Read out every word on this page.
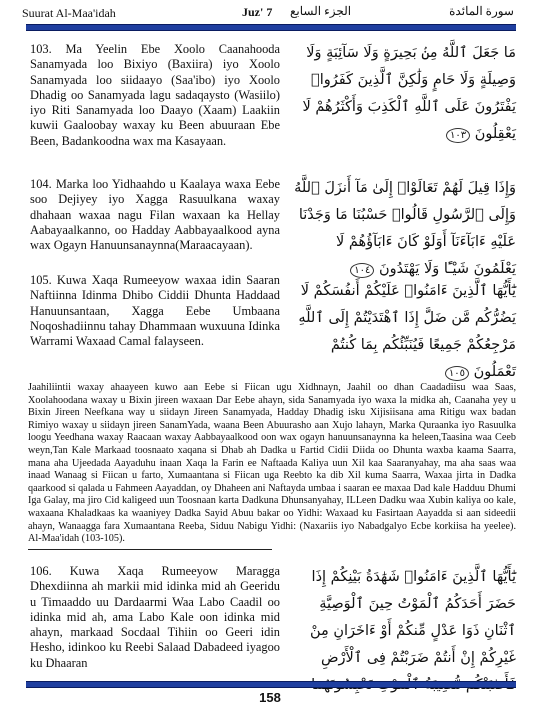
Suurat Al-Maa'idah	Juz' 7 الجزء السابع	سورة المائدة

103. Ma Yeelin Ebe Xoolo Caanahooda Sanamyada loo Bixiyo (Baxiira) iyo Xoolo Sanamyada loo siidaayo (Saa'ibo) iyo Xoolo Dhadig oo Sanamyada lagu sadaqaysto (Wasiilo) iyo Riti Sanamyada loo Daayo (Xaam) Laakiin kuwii Gaaloobay waxay ku Been abuuraan Ebe Been, Badankoodna wax ma Kasayaan.

مَا جَعَلَ ٱللَّهُ مِنۢ بَحِيرَةٍ وَلَا سَآئِبَةٍ وَلَا وَصِيلَةٍ وَلَا حَامٍ وَلَٰكِنَّ ٱلَّذِينَ كَفَرُوا۟ يَفْتَرُونَ عَلَى ٱللَّهِ ٱلْكَذِبَ وَأَكْثَرُهُمْ لَا يَعْقِلُونَ ١٠٣

104. Marka loo Yidhaahdo u Kaalaya waxa Eebe soo Dejiyey iyo Xagga Rasuulkana waxay dhahaan waxaa nagu Filan waxaan ka Hellay Aabayaalkanno, oo Hadday Aabbayaalkood ayna wax Ogayn Hanuunsanaynna(Maraacayaan).

وَإِذَا قِيلَ لَهُمْ تَعَالَوْا۟ إِلَىٰ مَآ أَنزَلَ ٱللَّهُ وَإِلَى ٱلرَّسُولِ قَالُوا۟ حَسْبُنَا مَا وَجَدْنَا عَلَيْهِ ءَابَآءَنَآ أَوَلَوْ كَانَ ءَابَآؤُهُمْ لَا يَعْلَمُونَ شَيْـًٔا وَلَا يَهْتَدُونَ ١٠٤

105. Kuwa Xaqa Rumeeyow waxaa idin Saaran Naftiinna Idinma Dhibo Ciddii Dhunta Haddaad Hanuunsantaan, Xagga Eebe Umbaana Noqoshadiinnu tahay Dhammaan wuxuuna Idinka Warrami Waxaad Camal falayseen.

يَٰٓأَيُّهَا ٱلَّذِينَ ءَامَنُوا۟ عَلَيْكُمْ أَنفُسَكُمْ لَا يَضُرُّكُم مَّن ضَلَّ إِذَا ٱهْتَدَيْتُمْ إِلَى ٱللَّهِ مَرْجِعُكُمْ جَمِيعًا فَيُنَبِّئُكُم بِمَا كُنتُمْ تَعْمَلُونَ ١٠٥

Jaahiliintii waxay ahaayeen kuwo aan Eebe si Fiican ugu Xidhnayn, Jaahil oo dhan Caadadiisu waa Saas, Xoolahoodana waxay u Bixin jireen waxaan Dar Eebe ahayn, sida Sanamyada iyo waxa la midka ah, Caanaha yey u Bixin Jireen Neefkana way u siidayn Jireen Sanamyada, Hadday Dhadig isku Xijisiisana ama Ritigu wax badan Rimiyo waxay u siidayn jireen SanamYada, waana Been Abuurasho aan Xujo lahayn, Marka Quraanka iyo Rasuulka loogu Yeedhana waxay Raacaan waxay Aabbayaalkood oon wax ogayn hanuunsanaynna ka heleen,Taasina waa Ceeb weyn,Tan Kale Markaad toosnaato xaqana si Dhab ah Dadka u Fartid Cidii Diida oo Dhunta waxba kaama Saarra, mana aha Ujeedada Aayaduhu inaan Xaqa la Farin ee Naftaada Kaliya uun Xil kaa Saaranyahay, ma aha saas waa inaad Wanaag si Fiican u farto, Xumaantana si Fiican uga Reebto ka dib Xil kuma Saarra, Waxaa jirta in Dadka qaarkood si qalada u Fahmeen Aayaddan, oy Dhaheen ani Naftayda umbaa i saaran ee maxaa Dad kale Hadduu Dhumi Iga Galay, ma jiro Cid kaligeed uun Toosnaan karta Dadkuna Dhunsanyahay, ILLeen Dadku waa Xubin kaliya oo kale, waxaana Khaladkaas ka waaniyey Dadka Sayid Abuu bakar oo Yidhi: Waxaad ku Fasirtaan Aayadda si aan sideedii ahayn, Wanaagga fara Xumaantana Reeba, Siduu Nabigu Yidhi: (Naxariis iyo Nabadgalyo Ecbe korkiisa ha yeelee). Al-Maa'idah (103-105).

106. Kuwa Xaqa Rumeeyow Maragga Dhexdiinna ah markii mid idinka mid ah Geeridu u Timaaddo uu Dardaarmi Waa Labo Caadil oo idinka mid ah, ama Labo Kale oon idinka mid ahayn, markaad Socdaal Tihiin oo Geeri idin Hesho, idinkoo ku Reebi Salaad Dabadeed iyagoo ku Dhaaran

يَٰٓأَيُّهَا ٱلَّذِينَ ءَامَنُوا۟ شَهَٰدَةُ بَيْنِكُمْ إِذَا حَضَرَ أَحَدَكُمُ ٱلْمَوْتُ حِينَ ٱلْوَصِيَّةِ ٱثْنَانِ ذَوَا عَدْلٍ مِّنكُمْ أَوْ ءَاخَرَانِ مِنْ غَيْرِكُمْ إِنْ أَنتُمْ ضَرَبْتُمْ فِى ٱلْأَرْضِ

158
